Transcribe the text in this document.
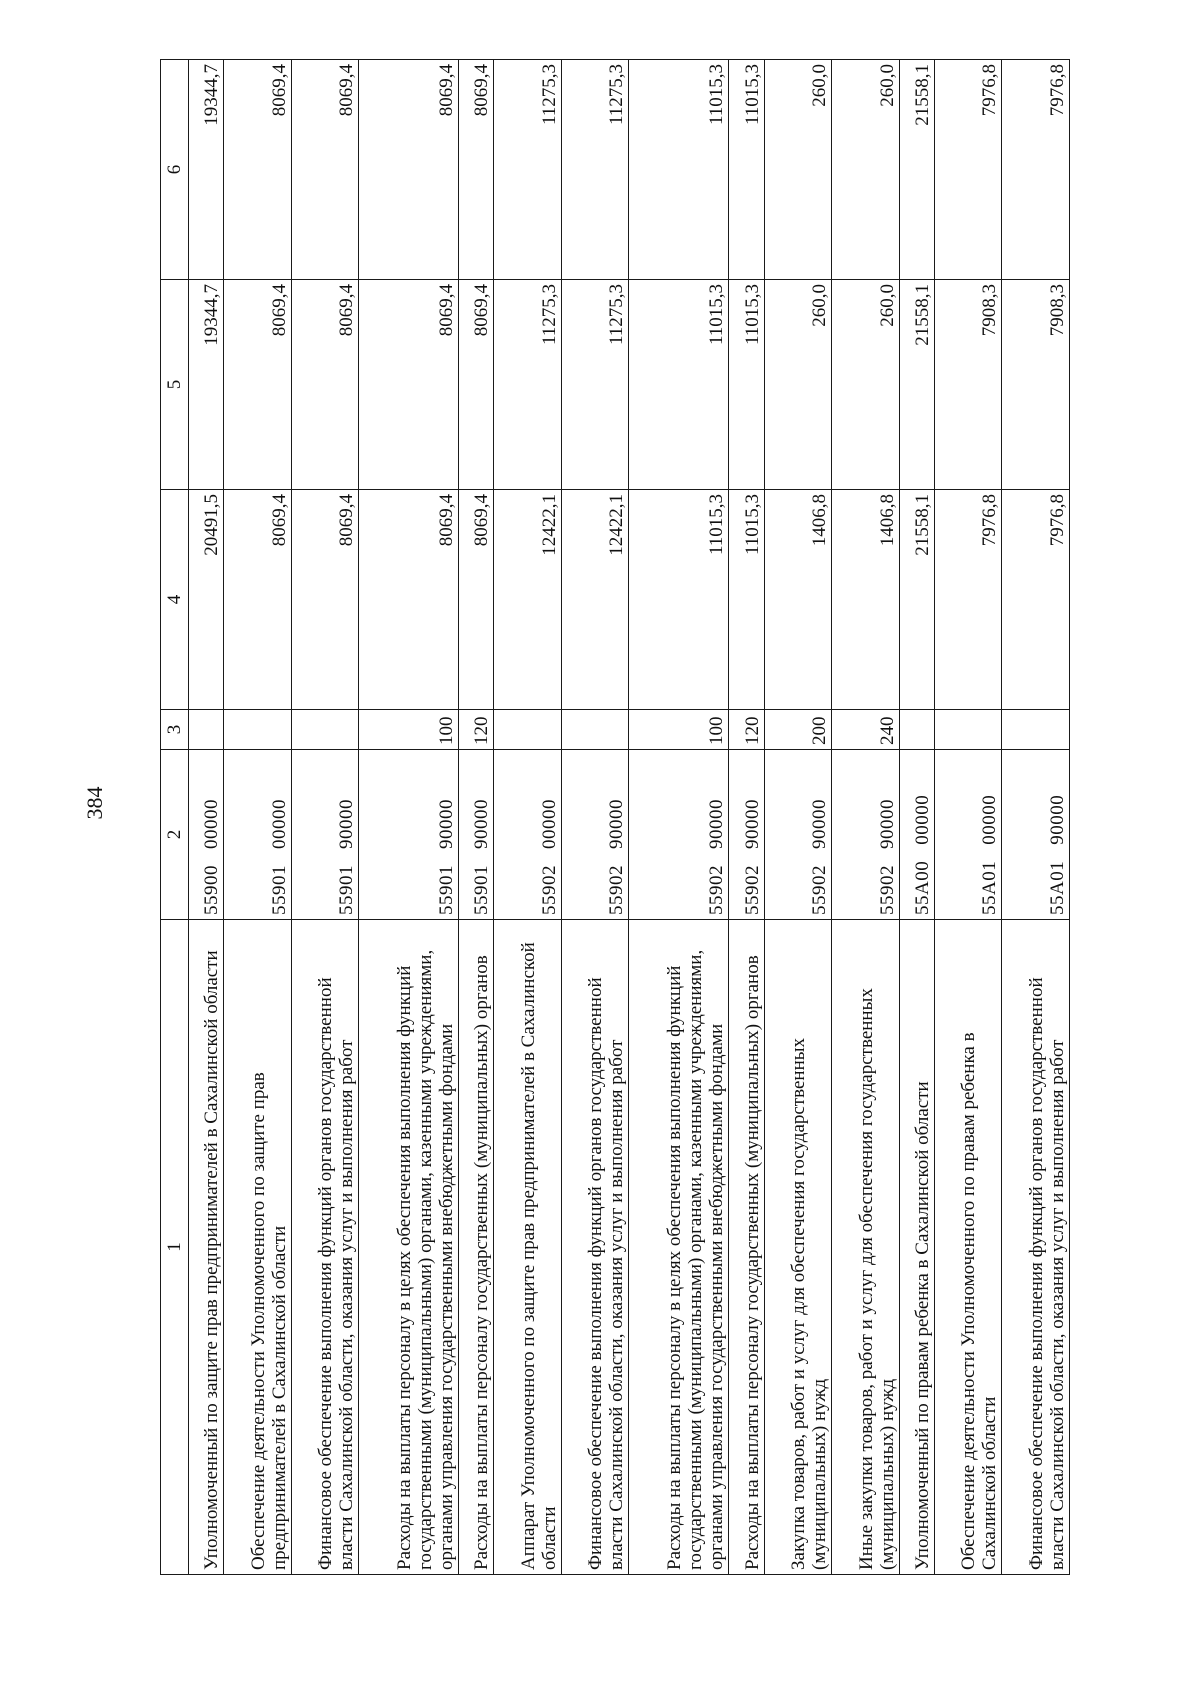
384
1	2	3	4	5	6
Уполномоченный по защите прав предпринимателей в Сахалинской области	5590000000		20491,5	19344,7	19344,7
Обеспечение деятельности Уполномоченного по защите прав предпринимателей в Сахалинской области	5590100000		8069,4	8069,4	8069,4
Финансовое обеспечение выполнения функций органов государственной власти Сахалинской области, оказания услуг и выполнения работ	5590190000		8069,4	8069,4	8069,4
Расходы на выплаты персоналу в целях обеспечения выполнения функций государственными (муниципальными) органами, казенными учреждениями, органами управления государственными внебюджетными фондами	5590190000	100	8069,4	8069,4	8069,4
Расходы на выплаты персоналу государственных (муниципальных) органов	5590190000	120	8069,4	8069,4	8069,4
Аппарат Уполномоченного по защите прав предпринимателей в Сахалинской области	5590200000		12422,1	11275,3	11275,3
Финансовое обеспечение выполнения функций органов государственной власти Сахалинской области, оказания услуг и выполнения работ	5590290000		12422,1	11275,3	11275,3
Расходы на выплаты персоналу в целях обеспечения выполнения функций государственными (муниципальными) органами, казенными учреждениями, органами управления государственными внебюджетными фондами	5590290000	100	11015,3	11015,3	11015,3
Расходы на выплаты персоналу государственных (муниципальных) органов	5590290000	120	11015,3	11015,3	11015,3
Закупка товаров, работ и услуг для обеспечения государственных (муниципальных) нужд	5590290000	200	1406,8	260,0	260,0
Иные закупки товаров, работ и услуг для обеспечения государственных (муниципальных) нужд	5590290000	240	1406,8	260,0	260,0
Уполномоченный по правам ребенка в Сахалинской области	55A0000000		21558,1	21558,1	21558,1
Обеспечение деятельности Уполномоченного по правам ребенка в Сахалинской области	55A0100000		7976,8	7908,3	7976,8
Финансовое обеспечение выполнения функций органов государственной власти Сахалинской области, оказания услуг и выполнения работ	55A0190000		7976,8	7908,3	7976,8
